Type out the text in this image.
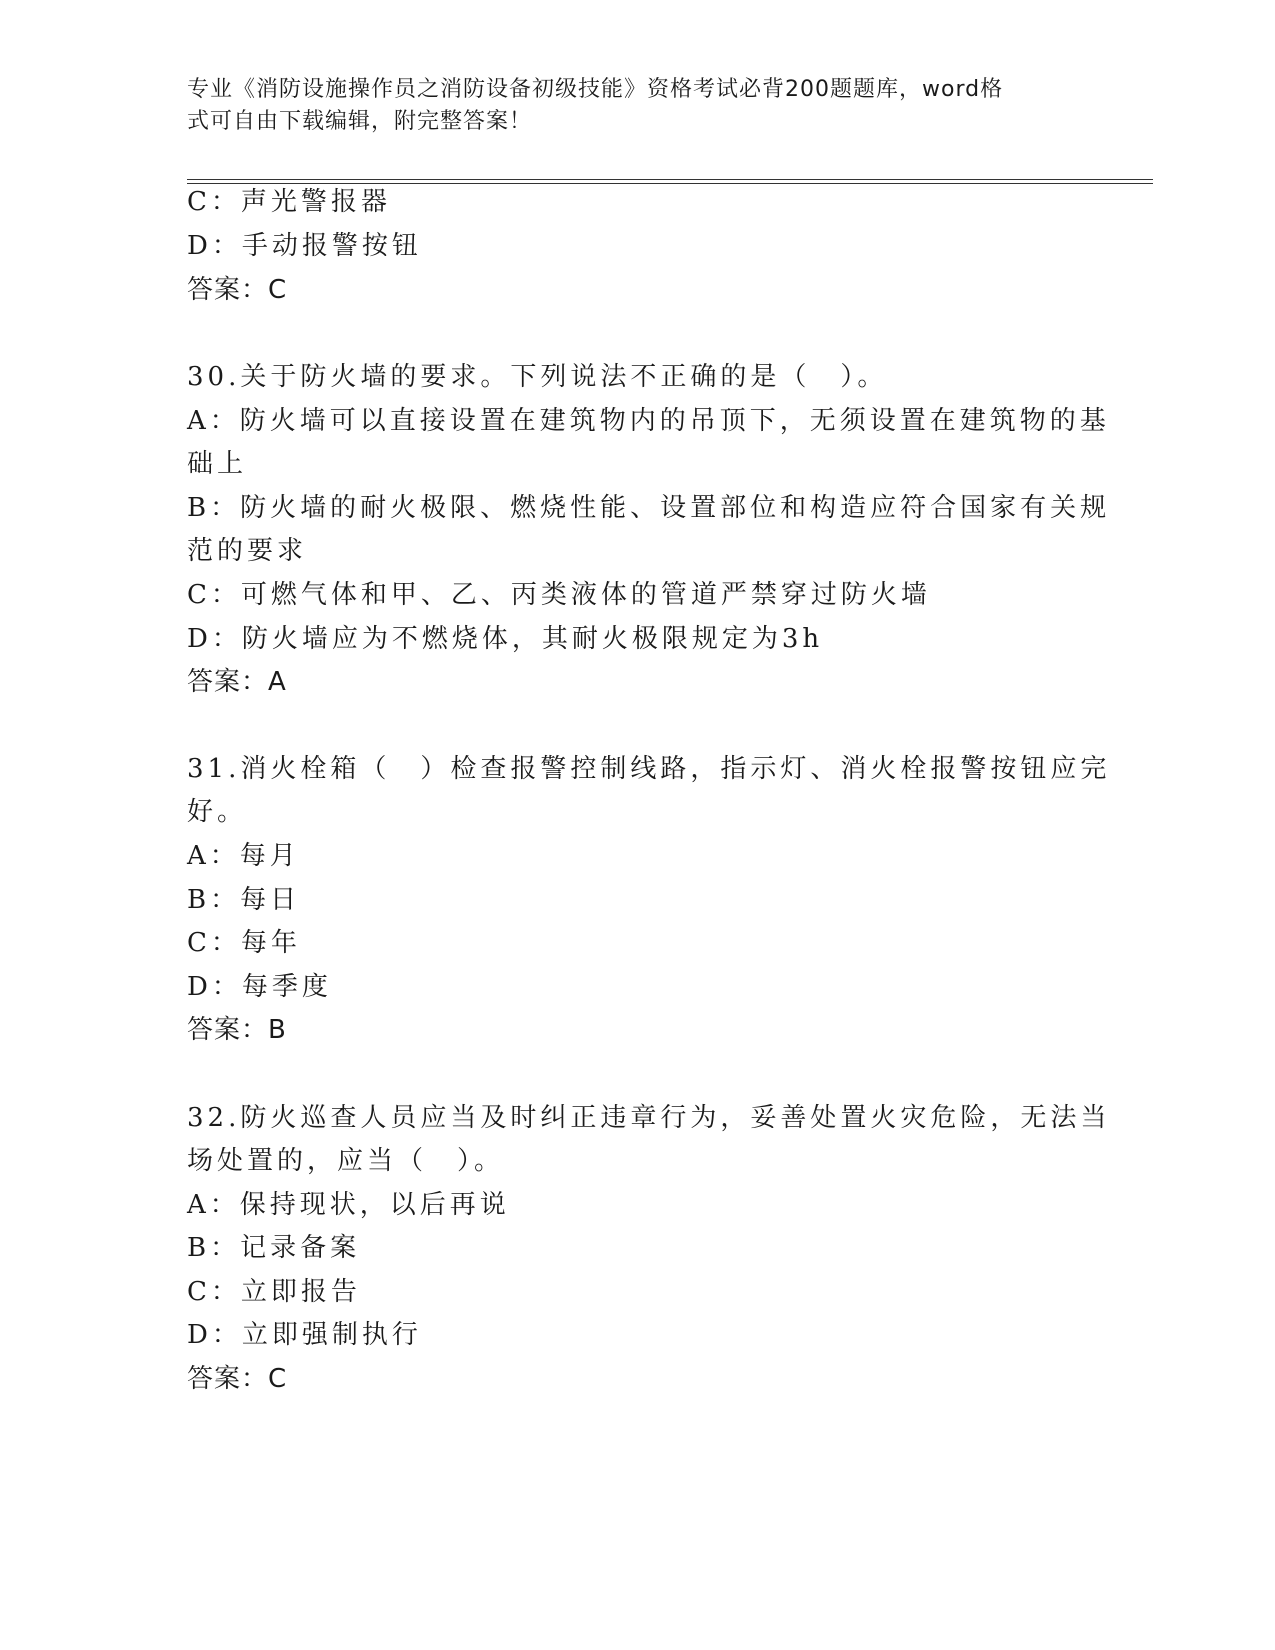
专业《消防设施操作员之消防设备初级技能》资格考试必背200题题库，word格
式可自由下载编辑，附完整答案！
C：声光警报器
D：手动报警按钮
答案：C
30.关于防火墙的要求。下列说法不正确的是（　）。
A：防火墙可以直接设置在建筑物内的吊顶下，无须设置在建筑物的基
础上
B：防火墙的耐火极限、燃烧性能、设置部位和构造应符合国家有关规
范的要求
C：可燃气体和甲、乙、丙类液体的管道严禁穿过防火墙
D：防火墙应为不燃烧体，其耐火极限规定为3h
答案：A
31.消火栓箱（　）检查报警控制线路，指示灯、消火栓报警按钮应完
好。
A：每月
B：每日
C：每年
D：每季度
答案：B
32.防火巡查人员应当及时纠正违章行为，妥善处置火灾危险，无法当
场处置的，应当（　）。
A：保持现状，以后再说
B：记录备案
C：立即报告
D：立即强制执行
答案：C
